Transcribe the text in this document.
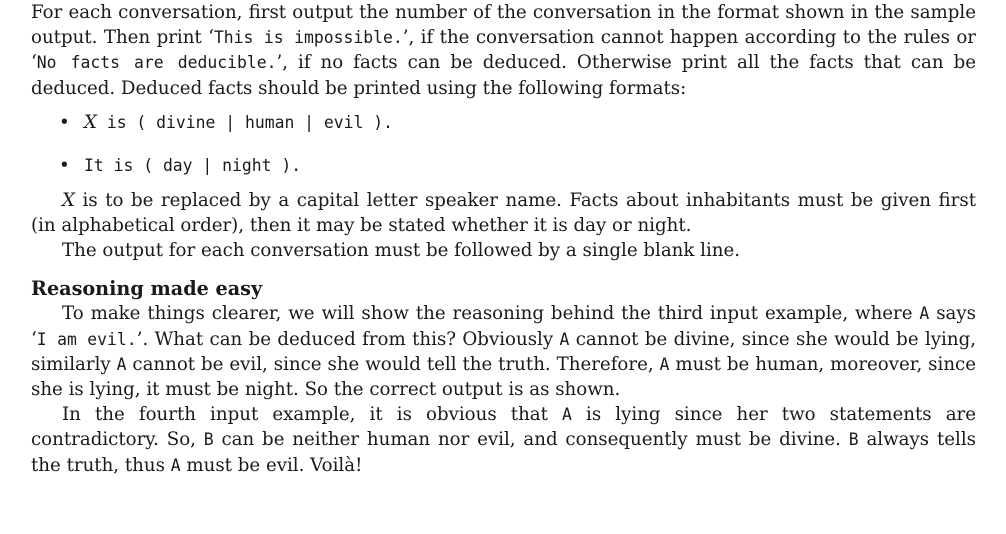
For each conversation, first output the number of the conversation in the format shown in the sample output. Then print ‘This is impossible.’, if the conversation cannot happen according to the rules or ‘No facts are deducible.’, if no facts can be deduced. Otherwise print all the facts that can be deduced. Deduced facts should be printed using the following formats:

• X is ( divine | human | evil ).
• It is ( day | night ).

X is to be replaced by a capital letter speaker name. Facts about inhabitants must be given first (in alphabetical order), then it may be stated whether it is day or night.

The output for each conversation must be followed by a single blank line.

Reasoning made easy

To make things clearer, we will show the reasoning behind the third input example, where A says ‘I am evil.’. What can be deduced from this? Obviously A cannot be divine, since she would be lying, similarly A cannot be evil, since she would tell the truth. Therefore, A must be human, moreover, since she is lying, it must be night. So the correct output is as shown.

In the fourth input example, it is obvious that A is lying since her two statements are contradictory. So, B can be neither human nor evil, and consequently must be divine. B always tells the truth, thus A must be evil. Voilà!
